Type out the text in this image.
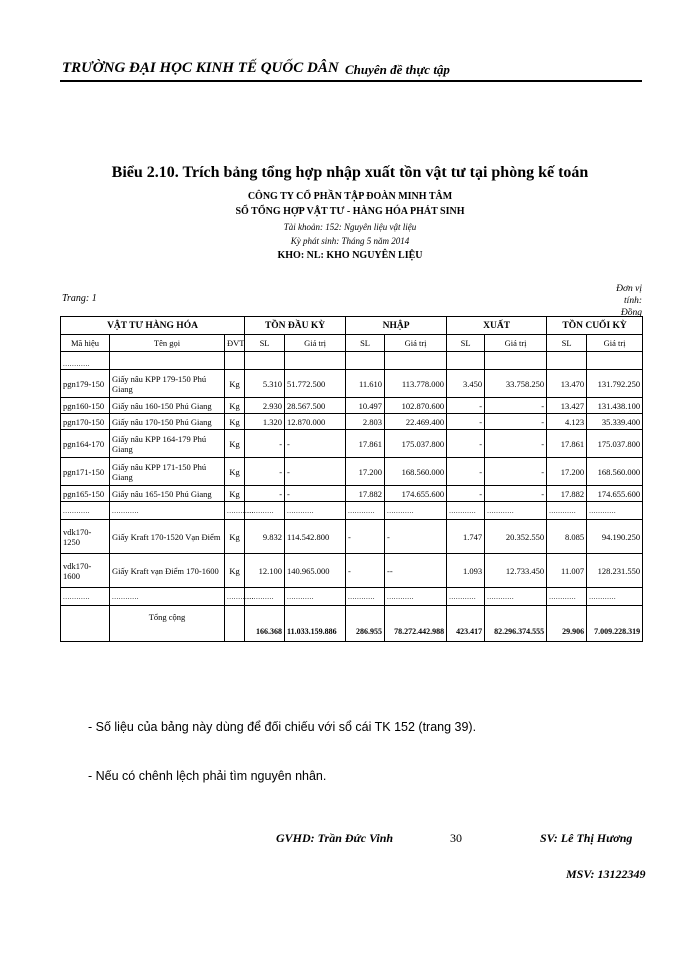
TRƯỜNG ĐẠI HỌC KINH TẾ QUỐC DÂN Chuyên đề thực tập
Biểu 2.10. Trích bảng tổng hợp nhập xuất tồn vật tư tại phòng kế toán
CÔNG TY CỔ PHẦN TẬP ĐOÀN MINH TÂM
SỔ TỔNG HỢP VẬT TƯ - HÀNG HÓA PHÁT SINH
Tài khoản: 152: Nguyên liệu vật liệu
Kỳ phát sinh: Tháng 5 năm 2014
KHO: NL: KHO NGUYÊN LIỆU
Trang: 1
Đơn vị tính:
Đồng
VẬT TƯ HÀNG HÓA			TỒN ĐẦU KỲ		NHẬP		XUẤT		TỒN CUỐI KỲ	
Mã hiệu	Tên gọi	ĐVT	SL	Giá trị	SL	Giá trị	SL	Giá trị	SL	Giá trị
............										
pgn179-150	Giấy nâu KPP 179-150 Phú Giang	Kg	5.310	51.772.500	11.610	113.778.000	3.450	33.758.250	13.470	131.792.250
pgn160-150	Giấy nâu 160-150 Phú Giang	Kg	2.930	28.567.500	10.497	102.870.600	-	-	13.427	131.438.100
pgn170-150	Giấy nâu 170-150 Phú Giang	Kg	1.320	12.870.000	2.803	22.469.400	-	-	4.123	35.339.400
pgn164-170	Giấy nâu KPP 164-179 Phú Giang	Kg	-	-	17.861	175.037.800	-	-	17.861	175.037.800
pgn171-150	Giấy nâu KPP 171-150 Phú Giang	Kg	-	-	17.200	168.560.000	-	-	17.200	168.560.000
pgn165-150	Giấy nâu 165-150 Phú Giang	Kg	-	-	17.882	174.655.600	-	-	17.882	174.655.600
............	............	............	............	............	............	............	............	............	............	............
vdk170-1250	Giấy Kraft 170-1520 Vạn Điểm	Kg	9.832	114.542.800	-	-	1.747	20.352.550	8.085	94.190.250
vdk170-1600	Giấy Kraft vạn Điểm 170-1600	Kg	12.100	140.965.000	-	--	1.093	12.733.450	11.007	128.231.550
............	............	............	............	............	............	............	............	............	............	............
	Tổng cộng		166.368	11.033.159.886	286.955	78.272.442.988	423.417	82.296.374.555	29.906	7.009.228.319
- Số liệu của bảng này dùng để đối chiếu với sổ cái TK 152 (trang 39).
- Nếu có chênh lệch phải tìm nguyên nhân.
GVHD: Trần Đức Vinh	30	SV: Lê Thị Hương
MSV: 13122349
